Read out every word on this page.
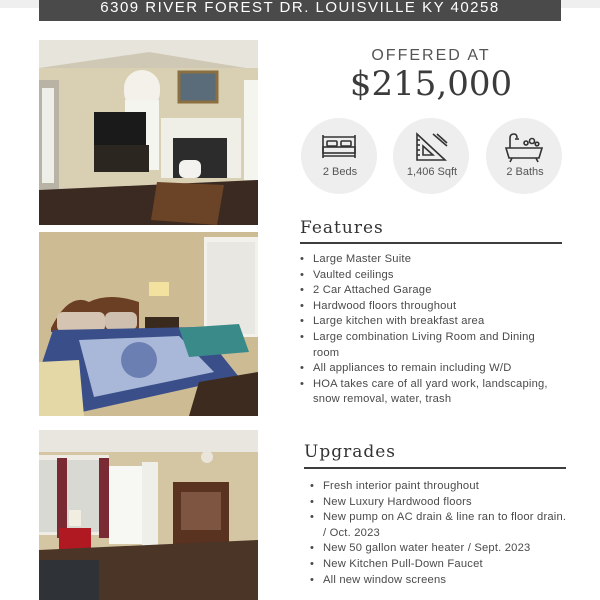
6309 RIVER FOREST DR. LOUISVILLE KY 40258
OFFERED AT
$215,000
2 Beds	1,406 Sqft	2 Baths
Features
• Large Master Suite
• Vaulted ceilings
• 2 Car Attached Garage
• Hardwood floors throughout
• Large kitchen with breakfast area
• Large combination Living Room and Dining room
• All appliances to remain including W/D
• HOA takes care of all yard work, landscaping, snow removal, water, trash
Upgrades
• Fresh interior paint throughout
• New Luxury Hardwood floors
• New pump on AC drain & line ran to floor drain. / Oct. 2023
• New 50 gallon water heater / Sept. 2023
• New Kitchen Pull-Down Faucet
• All new window screens
